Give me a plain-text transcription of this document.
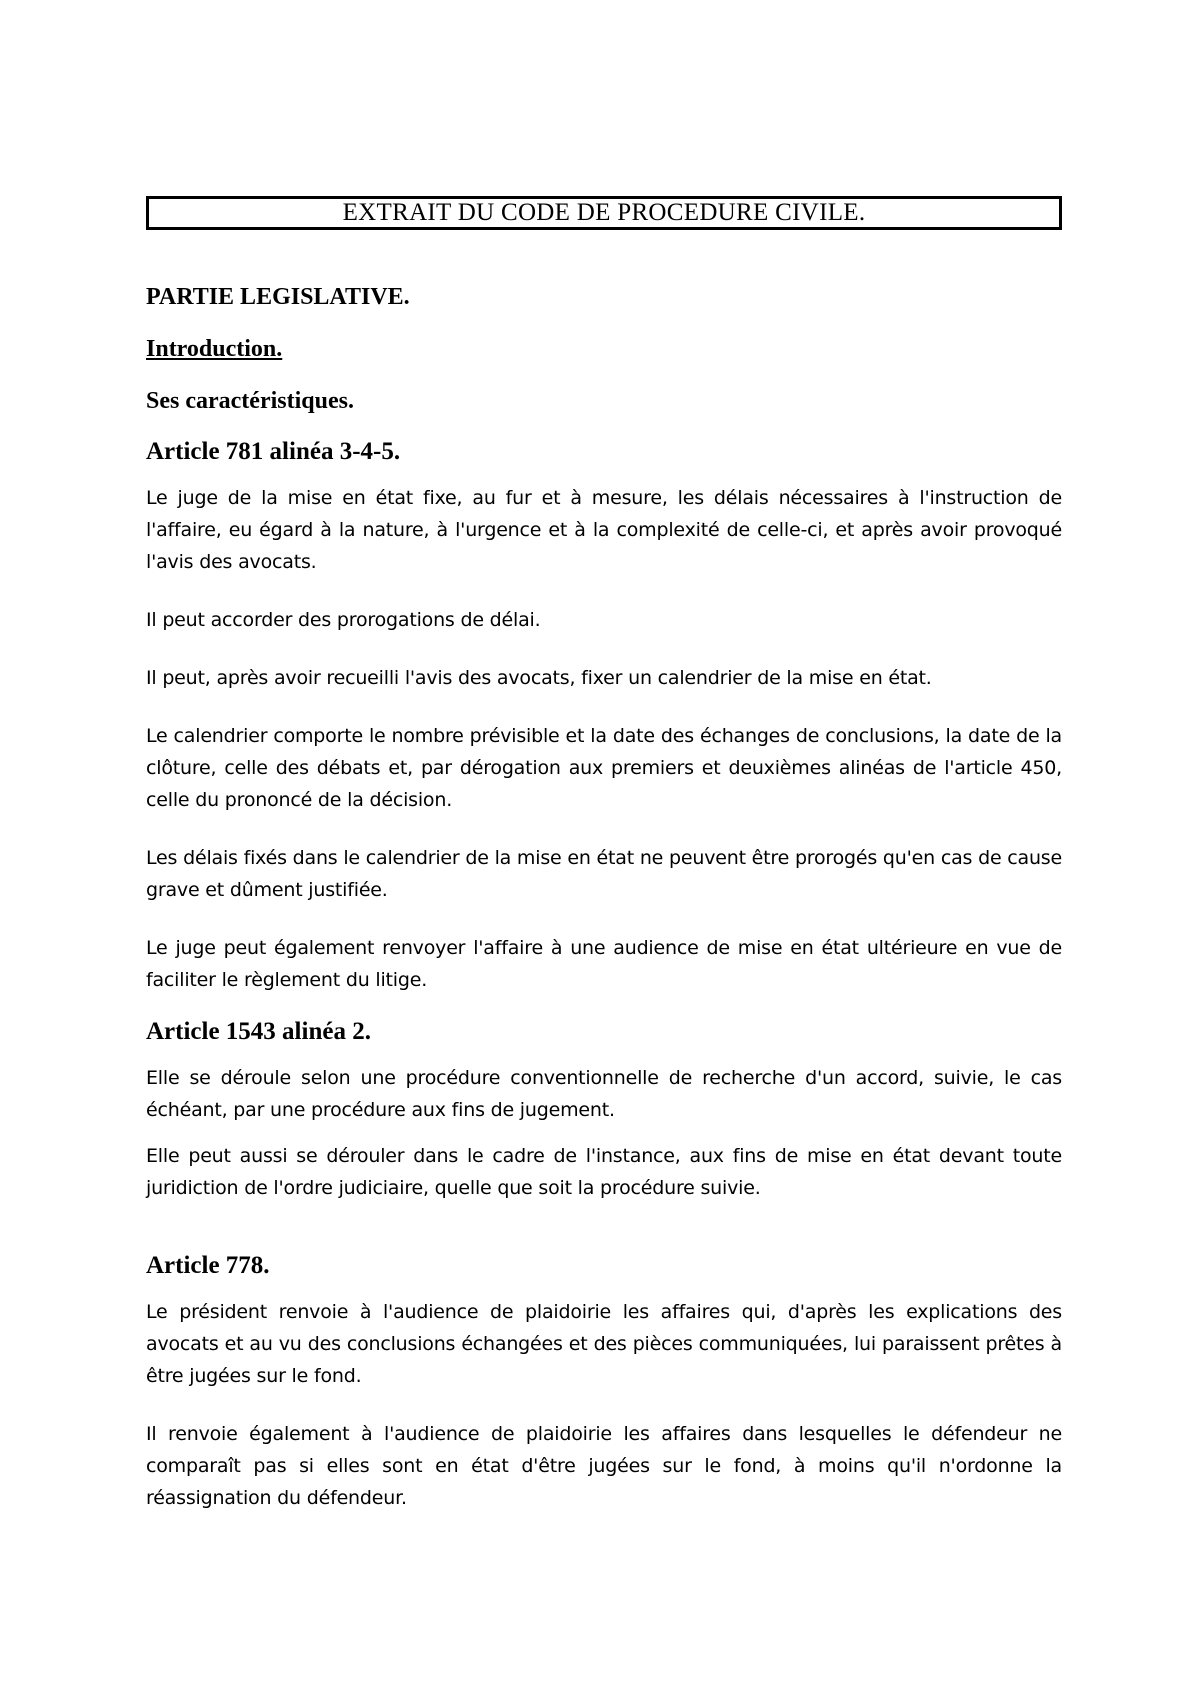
EXTRAIT DU CODE DE PROCEDURE CIVILE.
PARTIE LEGISLATIVE.
Introduction.
Ses caractéristiques.
Article 781 alinéa 3-4-5.

Le juge de la mise en état fixe, au fur et à mesure, les délais nécessaires à l'instruction de l'affaire, eu égard à la nature, à l'urgence et à la complexité de celle-ci, et après avoir provoqué l'avis des avocats.

Il peut accorder des prorogations de délai.

Il peut, après avoir recueilli l'avis des avocats, fixer un calendrier de la mise en état.

Le calendrier comporte le nombre prévisible et la date des échanges de conclusions, la date de la clôture, celle des débats et, par dérogation aux premiers et deuxièmes alinéas de l'article 450, celle du prononcé de la décision.

Les délais fixés dans le calendrier de la mise en état ne peuvent être prorogés qu'en cas de cause grave et dûment justifiée.

Le juge peut également renvoyer l'affaire à une audience de mise en état ultérieure en vue de faciliter le règlement du litige.

Article 1543 alinéa 2.

Elle se déroule selon une procédure conventionnelle de recherche d'un accord, suivie, le cas échéant, par une procédure aux fins de jugement.

Elle peut aussi se dérouler dans le cadre de l'instance, aux fins de mise en état devant toute juridiction de l'ordre judiciaire, quelle que soit la procédure suivie.

Article 778.

Le président renvoie à l'audience de plaidoirie les affaires qui, d'après les explications des avocats et au vu des conclusions échangées et des pièces communiquées, lui paraissent prêtes à être jugées sur le fond.

Il renvoie également à l'audience de plaidoirie les affaires dans lesquelles le défendeur ne comparaît pas si elles sont en état d'être jugées sur le fond, à moins qu'il n'ordonne la réassignation du défendeur.
